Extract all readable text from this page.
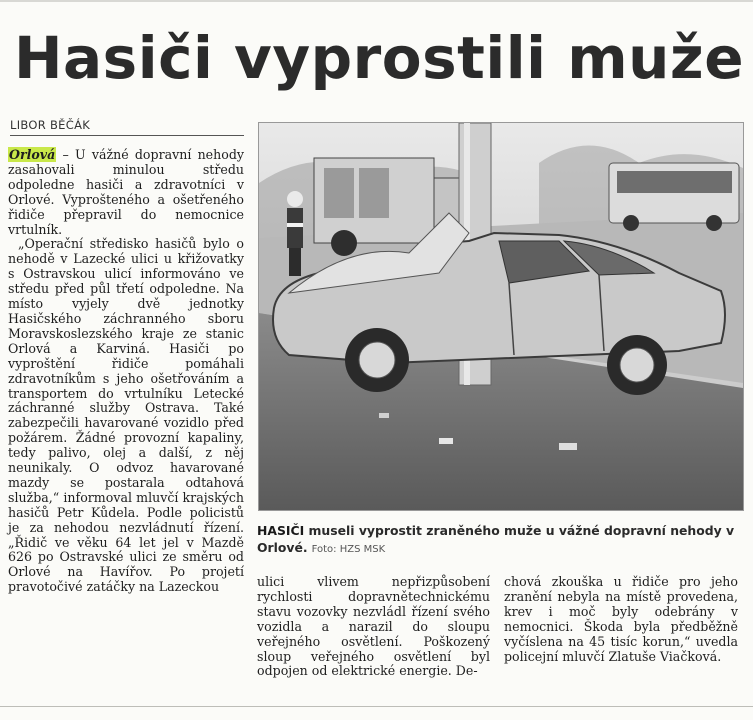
Hasiči vyprostili muže
LIBOR BĚČÁK

Orlová – U vážné dopravní nehody zasahovali minulou středu odpoledne hasiči a zdravotníci v Orlové. Vyprošteného a ošetřeného řidiče přepravil do nemocnice vrtulník.

„Operační středisko hasičů bylo o nehodě v Lazecké ulici u křižovatky s Ostravskou ulicí informováno ve středu před půl třetí odpoledne. Na místo vyjely dvě jednotky Hasičského záchranného sboru Moravskoslezského kraje ze stanic Orlová a Karviná. Hasiči po vyproštění řidiče pomáhali zdravotníkům s jeho ošetřováním a transportem do vrtulníku Letecké záchranné služby Ostrava. Také zabezpečili havarované vozidlo před požárem. Žádné provozní kapaliny, tedy palivo, olej a další, z něj neunikaly. O odvoz havarované mazdy se postarala odtahová služba,“ informoval mluvčí krajských hasičů Petr Kůdela. Podle policistů je za nehodou nezvládnutí řízení. „Řidič ve věku 64 let jel v Mazdě 626 po Ostravské ulici ze směru od Orlové na Havířov. Po projetí pravotočivé zatáčky na Lazeckou

HASIČI museli vyprostit zraněného muže u vážné dopravní nehody v Orlové. Foto: HZS MSK

ulici vlivem nepřizpůsobení rychlosti dopravnětechnickému stavu vozovky nezvládl řízení svého vozidla a narazil do sloupu veřejného osvětlení. Poškozený sloup veřejného osvětlení byl odpojen od elektrické energie. De-

chová zkouška u řidiče pro jeho zranění nebyla na místě provedena, krev i moč byly odebrány v nemocnici. Škoda byla předběžně vyčíslena na 45 tisíc korun,“ uvedla policejní mluvčí Zlatuše Viačková.
